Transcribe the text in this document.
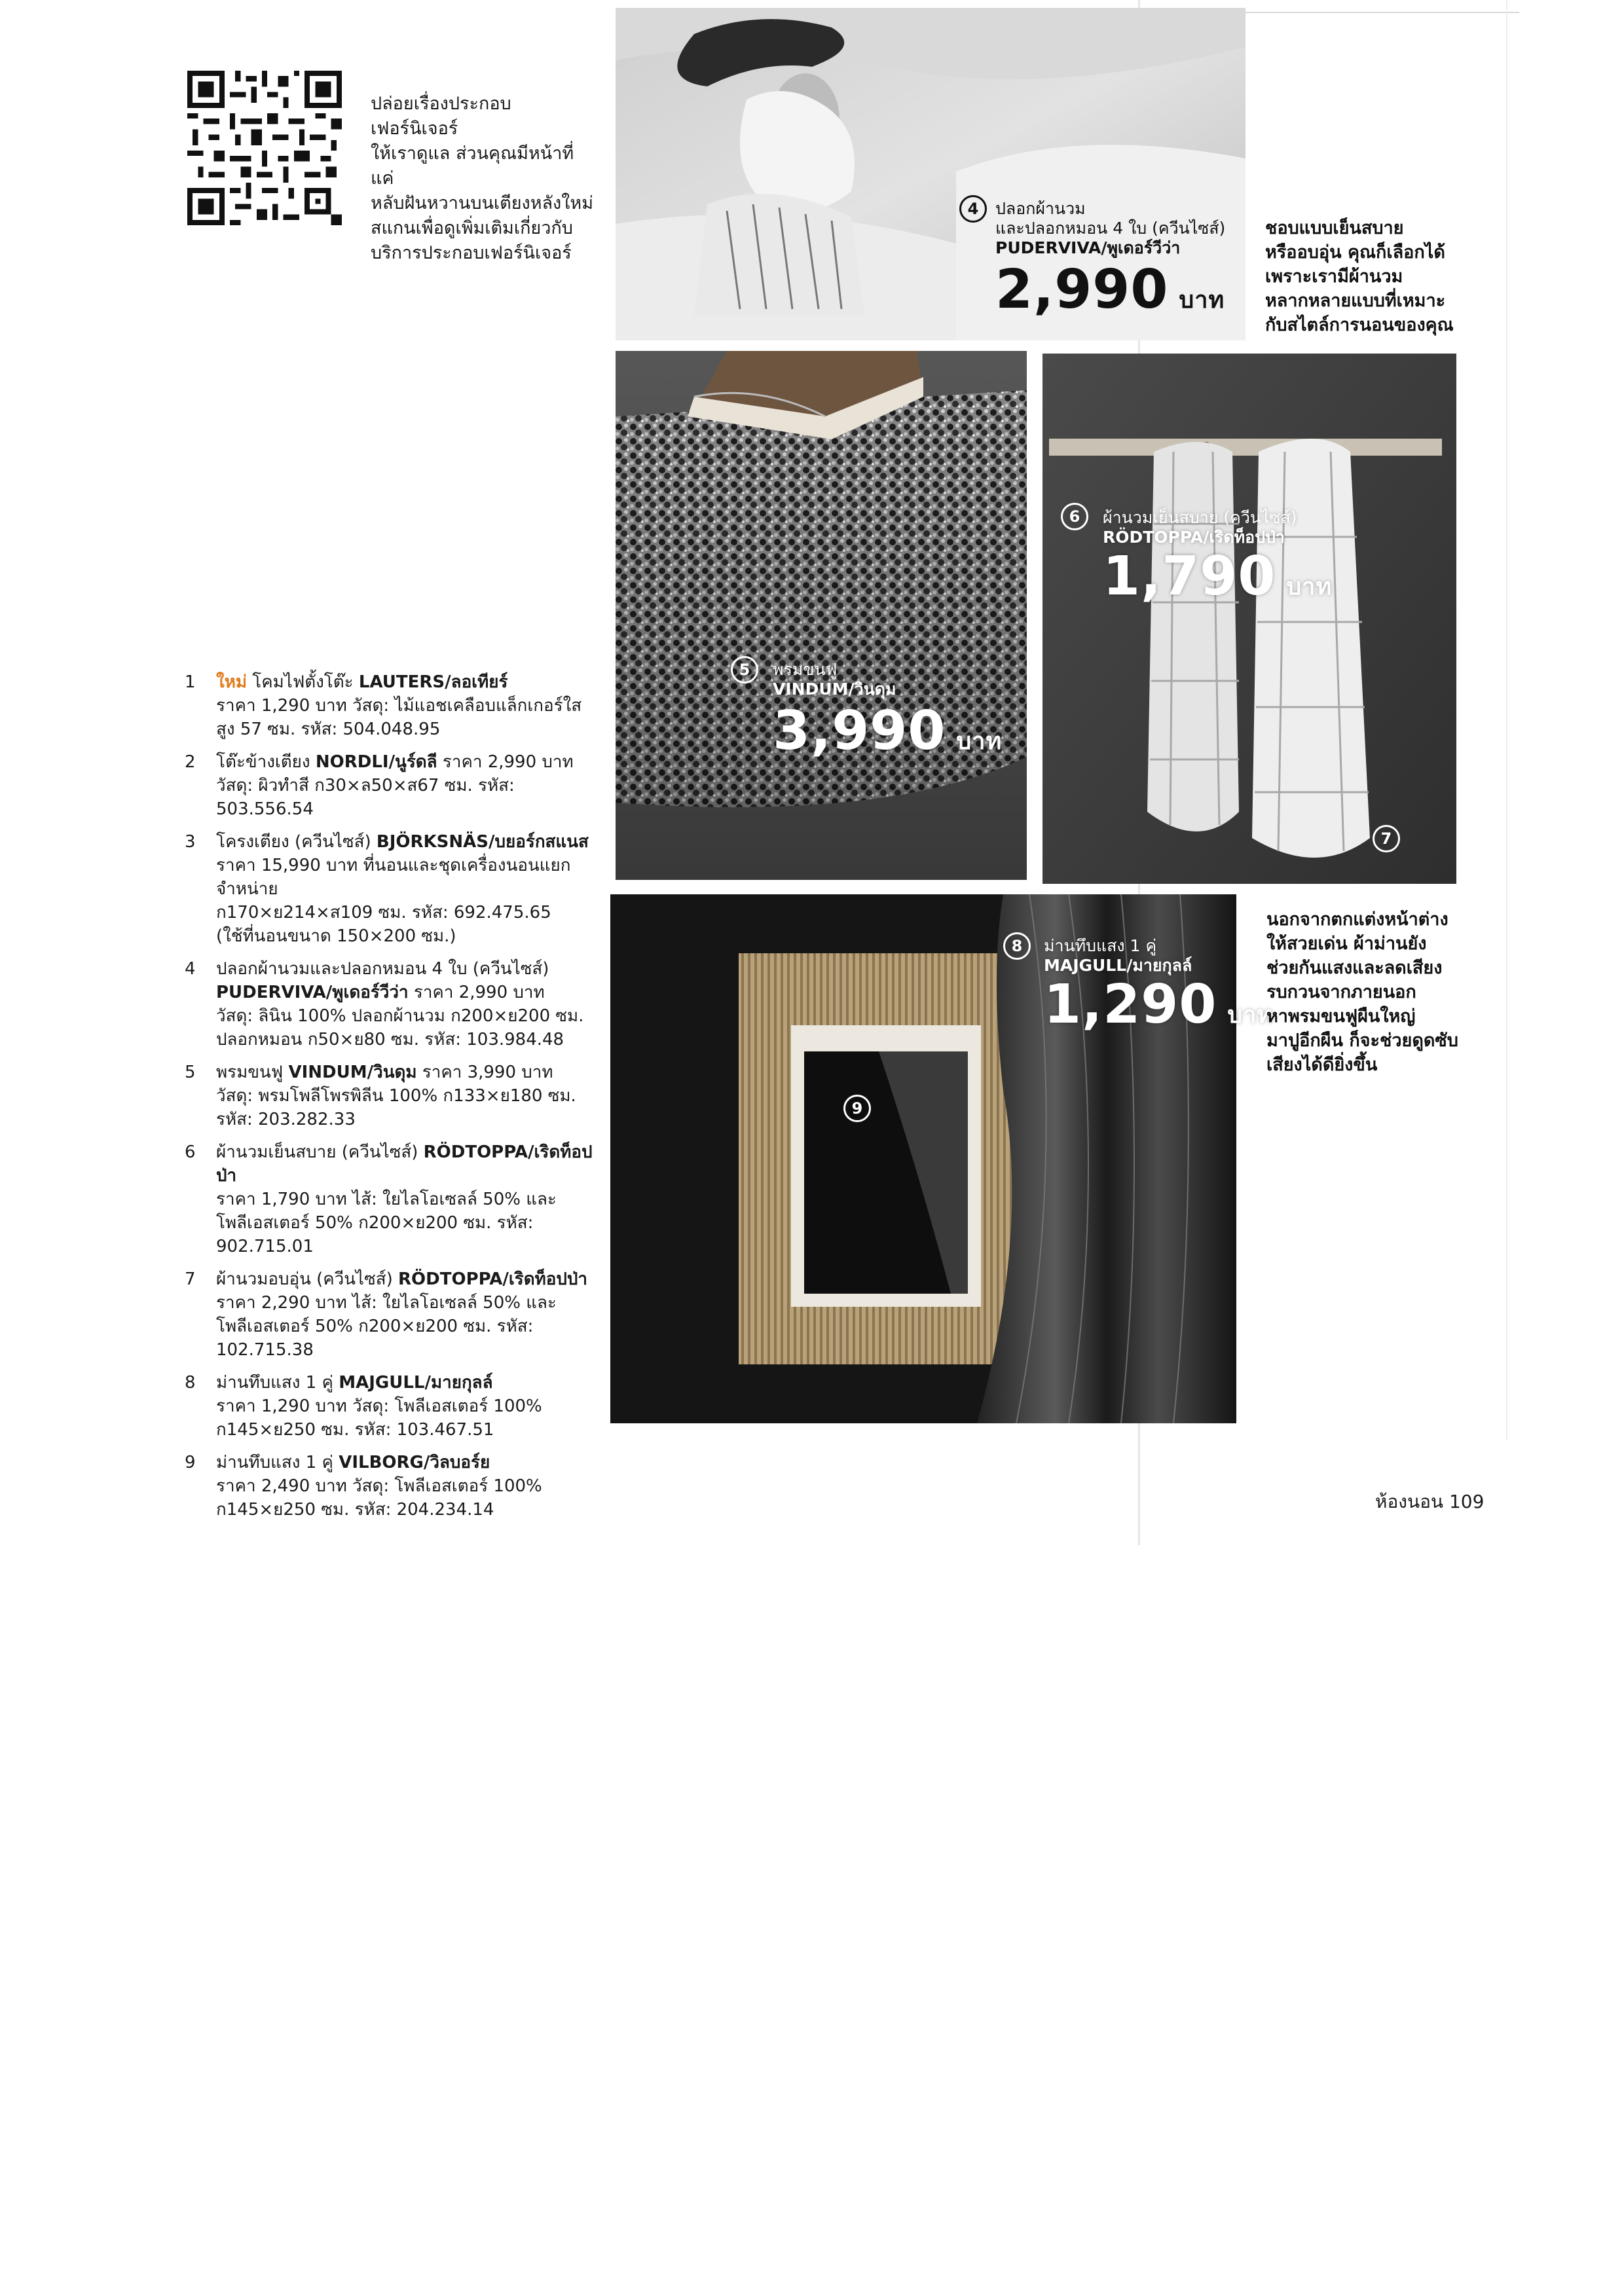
ปล่อยเรื่องประกอบเฟอร์นิเจอร์
ให้เราดูแล ส่วนคุณมีหน้าที่แค่
หลับฝันหวานบนเตียงหลังใหม่
สแกนเพื่อดูเพิ่มเติมเกี่ยวกับ
บริการประกอบเฟอร์นิเจอร์
4	ปลอกผ้านวม
และปลอกหมอน 4 ใบ (ควีนไซส์)
PUDERVIVA/พูเดอร์วีว่า
2,990 บาท
ชอบแบบเย็นสบาย
หรืออบอุ่น คุณก็เลือกได้
เพราะเรามีผ้านวม
หลากหลายแบบที่เหมาะ
กับสไตล์การนอนของคุณ
5	พรมขนฟู
VINDUM/วินดุม
3,990 บาท
6	ผ้านวมเย็นสบาย (ควีนไซส์)
RÖDTOPPA/เริดท็อปป่า
1,790 บาท
7
8	ม่านทึบแสง 1 คู่
MAJGULL/มายกุลล์
1,290 บาท
9
นอกจากตกแต่งหน้าต่าง
ให้สวยเด่น ผ้าม่านยัง
ช่วยกันแสงและลดเสียง
รบกวนจากภายนอก
หาพรมขนฟูผืนใหญ่
มาปูอีกผืน ก็จะช่วยดูดซับ
เสียงได้ดียิ่งขึ้น
1 ใหม่ โคมไฟตั้งโต๊ะ LAUTERS/ลอเทียร์
ราคา 1,290 บาท วัสดุ: ไม้แอชเคลือบแล็กเกอร์ใส
สูง 57 ซม. รหัส: 504.048.95
2 โต๊ะข้างเตียง NORDLI/นูร์ดลี ราคา 2,990 บาท
วัสดุ: ผิวทำสี ก30×ล50×ส67 ซม. รหัส: 503.556.54
3 โครงเตียง (ควีนไซส์) BJÖRKSNÄS/บยอร์กสแนส
ราคา 15,990 บาท ที่นอนและชุดเครื่องนอนแยกจำหน่าย
ก170×ย214×ส109 ซม. รหัส: 692.475.65
(ใช้ที่นอนขนาด 150×200 ซม.)
4 ปลอกผ้านวมและปลอกหมอน 4 ใบ (ควีนไซส์)
PUDERVIVA/พูเดอร์วีว่า ราคา 2,990 บาท
วัสดุ: ลินิน 100% ปลอกผ้านวม ก200×ย200 ซม.
ปลอกหมอน ก50×ย80 ซม. รหัส: 103.984.48
5 พรมขนฟู VINDUM/วินดุม ราคา 3,990 บาท
วัสดุ: พรมโพลีโพรพิลีน 100% ก133×ย180 ซม.
รหัส: 203.282.33
6 ผ้านวมเย็นสบาย (ควีนไซส์) RÖDTOPPA/เริดท็อปป่า
ราคา 1,790 บาท ไส้: ใยไลโอเซลล์ 50% และ
โพลีเอสเตอร์ 50% ก200×ย200 ซม. รหัส: 902.715.01
7 ผ้านวมอบอุ่น (ควีนไซส์) RÖDTOPPA/เริดท็อปป่า
ราคา 2,290 บาท ไส้: ใยไลโอเซลล์ 50% และ
โพลีเอสเตอร์ 50% ก200×ย200 ซม. รหัส: 102.715.38
8 ม่านทึบแสง 1 คู่ MAJGULL/มายกุลล์
ราคา 1,290 บาท วัสดุ: โพลีเอสเตอร์ 100%
ก145×ย250 ซม. รหัส: 103.467.51
9 ม่านทึบแสง 1 คู่ VILBORG/วิลบอร์ย
ราคา 2,490 บาท วัสดุ: โพลีเอสเตอร์ 100%
ก145×ย250 ซม. รหัส: 204.234.14	ห้องนอน 109
